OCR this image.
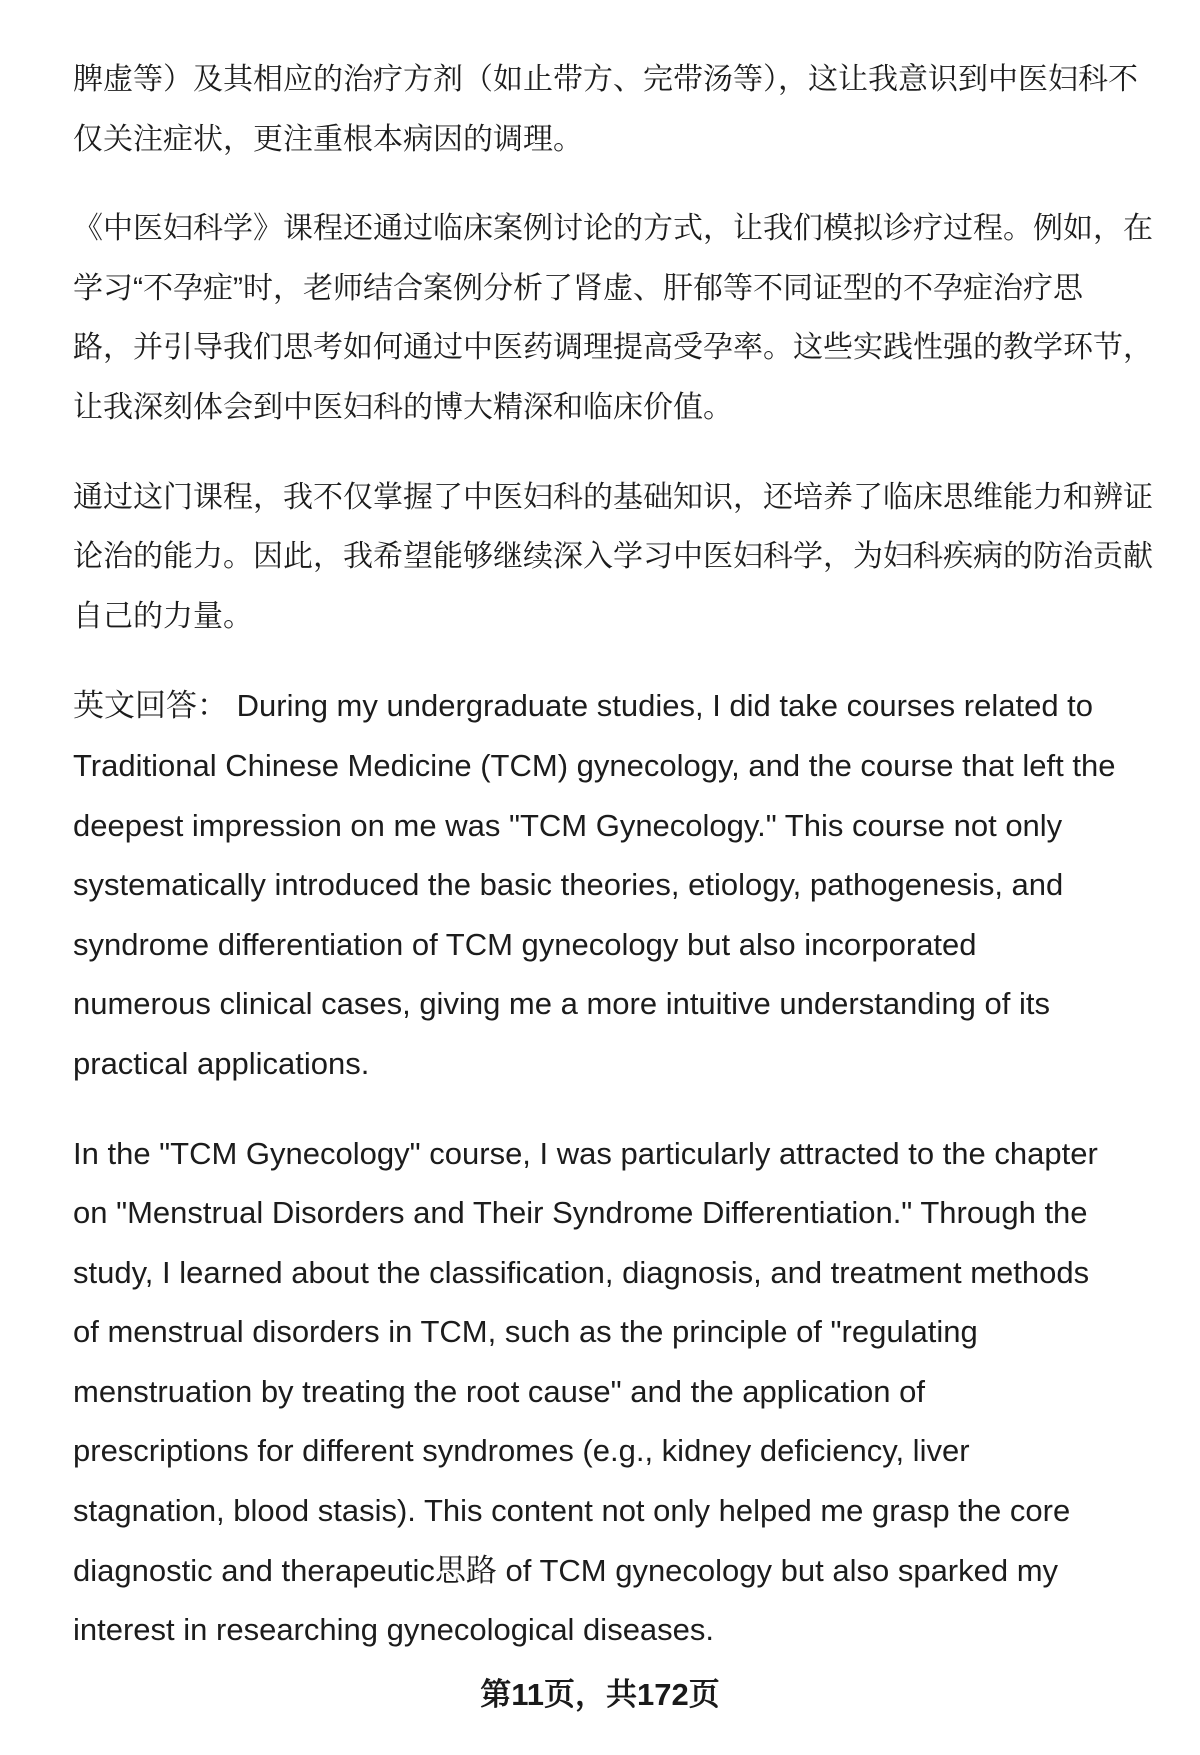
脾虚等）及其相应的治疗方剂（如止带方、完带汤等），这让我意识到中医妇科不
仅关注症状，更注重根本病因的调理。
《中医妇科学》课程还通过临床案例讨论的方式，让我们模拟诊疗过程。例如，在
学习“不孕症”时，老师结合案例分析了肾虚、肝郁等不同证型的不孕症治疗思
路，并引导我们思考如何通过中医药调理提高受孕率。这些实践性强的教学环节，
让我深刻体会到中医妇科的博大精深和临床价值。
通过这门课程，我不仅掌握了中医妇科的基础知识，还培养了临床思维能力和辨证
论治的能力。因此，我希望能够继续深入学习中医妇科学，为妇科疾病的防治贡献
自己的力量。
英文回答： During my undergraduate studies, I did take courses related to
Traditional Chinese Medicine (TCM) gynecology, and the course that left the
deepest impression on me was "TCM Gynecology." This course not only
systematically introduced the basic theories, etiology, pathogenesis, and
syndrome differentiation of TCM gynecology but also incorporated
numerous clinical cases, giving me a more intuitive understanding of its
practical applications.
In the "TCM Gynecology" course, I was particularly attracted to the chapter
on "Menstrual Disorders and Their Syndrome Differentiation." Through the
study, I learned about the classification, diagnosis, and treatment methods
of menstrual disorders in TCM, such as the principle of "regulating
menstruation by treating the root cause" and the application of
prescriptions for different syndromes (e.g., kidney deficiency, liver
stagnation, blood stasis). This content not only helped me grasp the core
diagnostic and therapeutic思路 of TCM gynecology but also sparked my
interest in researching gynecological diseases.
第11页，共172页
